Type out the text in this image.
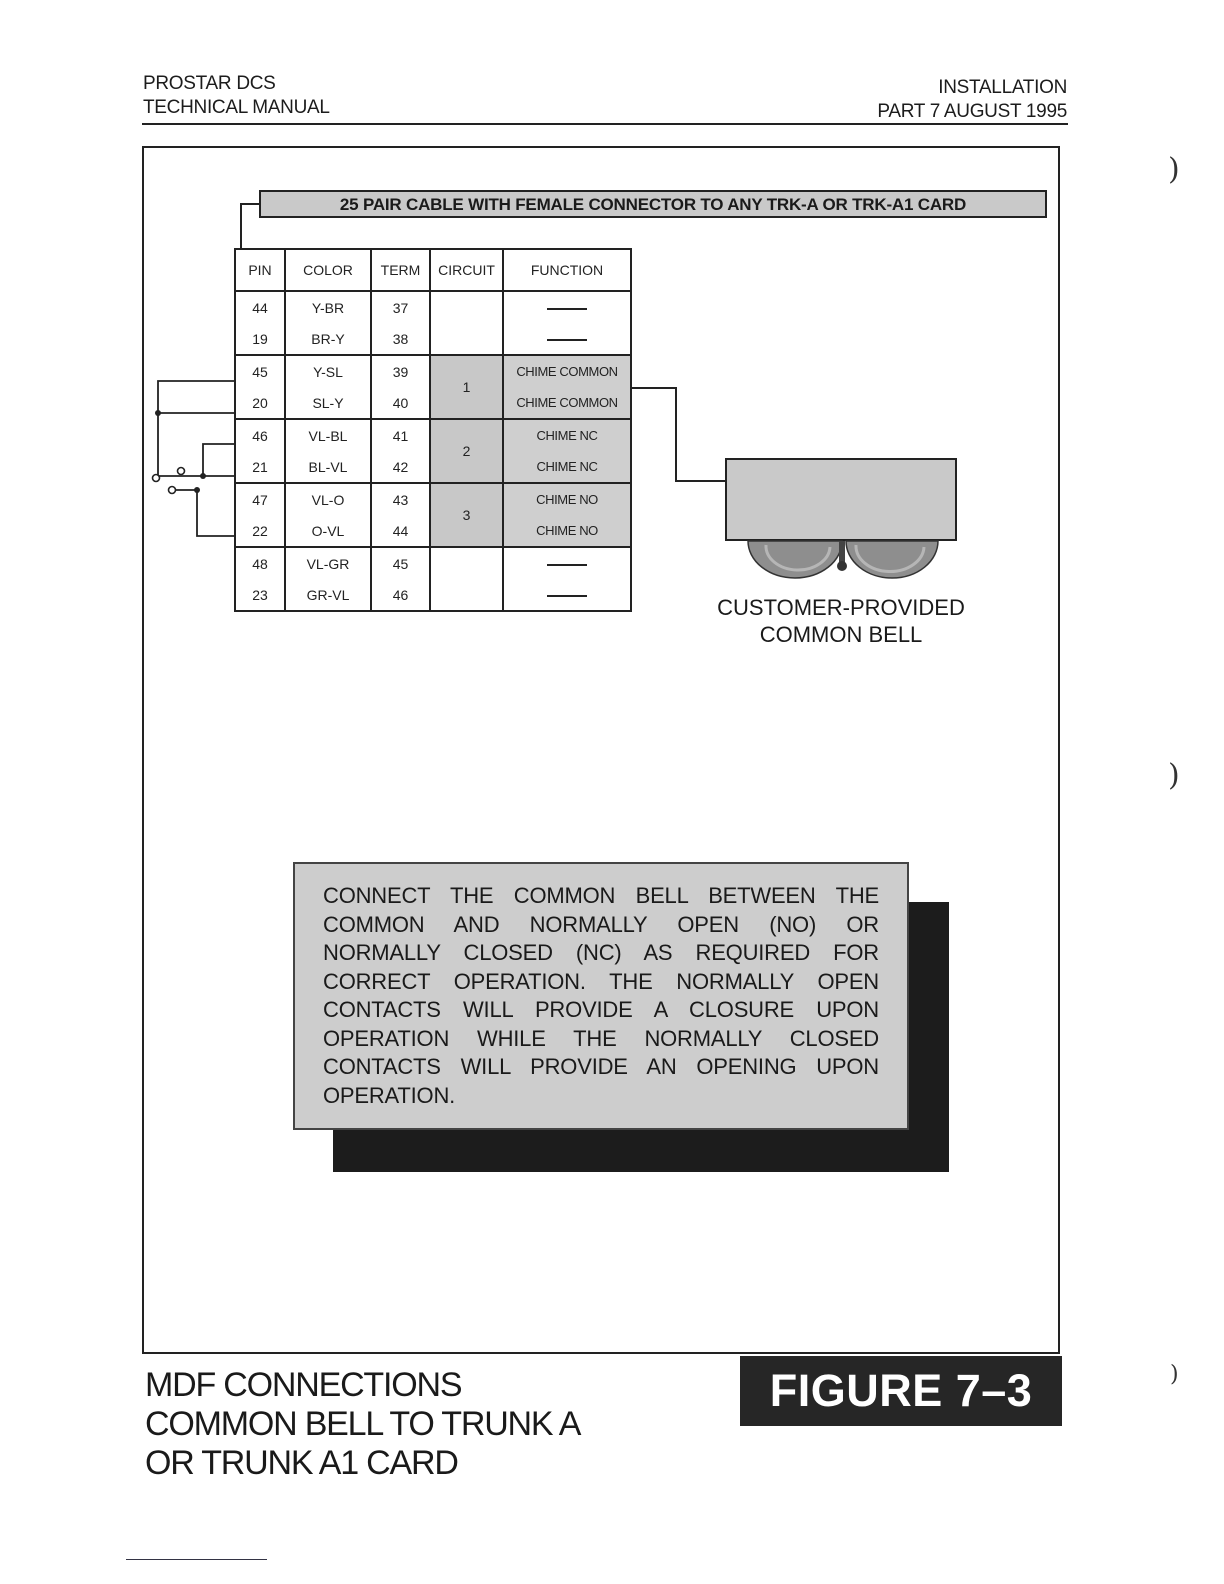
PROSTAR DCS
TECHNICAL MANUAL
INSTALLATION
PART 7 AUGUST 1995
25 PAIR CABLE WITH FEMALE CONNECTOR TO ANY TRK-A OR TRK-A1 CARD
PIN	COLOR	TERM	CIRCUIT	FUNCTION
44	Y-BR	37		
19	BR-Y	38		
45	Y-SL	39	1	CHIME COMMON
20	SL-Y	40		CHIME COMMON
46	VL-BL	41	2	CHIME NC
21	BL-VL	42		CHIME NC
47	VL-O	43	3	CHIME NO
22	O-VL	44		CHIME NO
48	VL-GR	45		
23	GR-VL	46		
CUSTOMER-PROVIDED
COMMON BELL
CONNECT THE COMMON BELL BETWEEN THE COMMON AND NORMALLY OPEN (NO) OR NORMALLY CLOSED (NC) AS REQUIRED FOR CORRECT OPERATION. THE NORMALLY OPEN CONTACTS WILL PROVIDE A CLOSURE UPON OPERATION WHILE THE NORMALLY CLOSED CONTACTS WILL PROVIDE AN OPENING UPON OPERATION.
MDF CONNECTIONS
COMMON BELL TO TRUNK A
OR TRUNK A1 CARD
FIGURE 7–3
)
)
)
